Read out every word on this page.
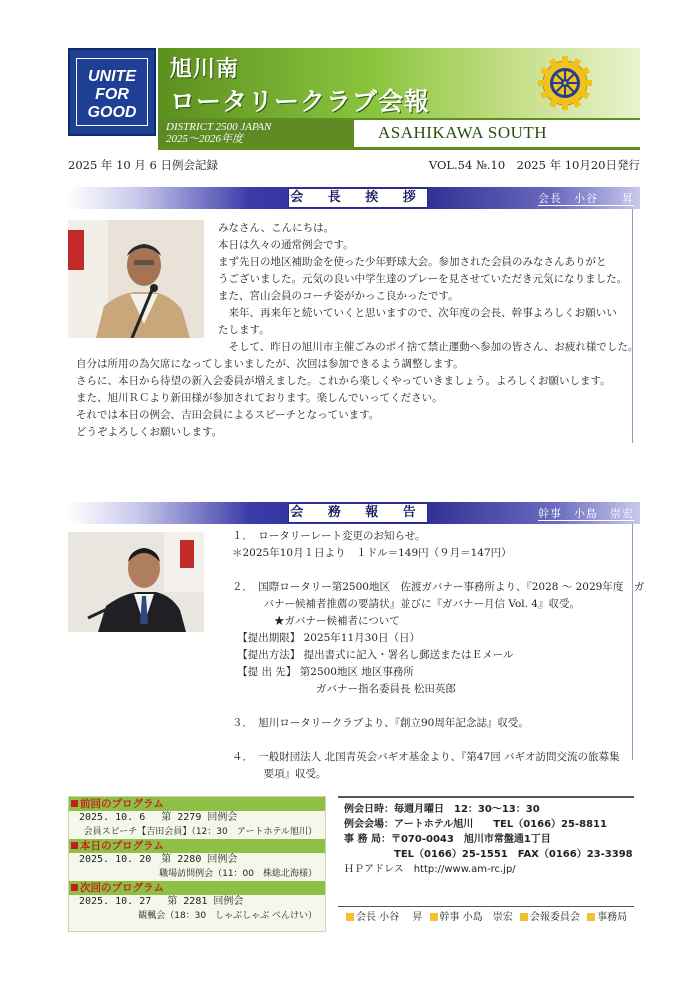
UNITE
FOR
GOOD
旭川南
ロータリークラブ会報
DISTRICT 2500 JAPAN
2025〜2026年度	ASAHIKAWA SOUTH
2025 年 10 月 6 日例会記録	VOL.54 №.10　2025 年 10月20日発行
会 長 挨 拶	会長　小谷　　昇

みなさん、こんにちは。

本日は久々の通常例会です。

まず先日の地区補助金を使った少年野球大会。参加された会員のみなさんありがと

うございました。元気の良い中学生達のプレーを見させていただき元気になりました。

また、宮山会員のコーチ姿がかっこ良かったです。

　来年、再来年と続いていくと思いますので、次年度の会長、幹事よろしくお願いい

たします。

　そして、昨日の旭川市主催ごみのポイ捨て禁止運動へ参加の皆さん、お疲れ様でした。

自分は所用の為欠席になってしまいましたが、次回は参加できるよう調整します。

さらに、本日から待望の新入会委員が増えました。これから楽しくやっていきましょう。よろしくお願いします。

また、旭川ＲＣより新田様が参加されております。楽しんでいってください。

それでは本日の例会、吉田会員によるスピーチとなっています。

どうぞよろしくお願いします。

会 務 報 告	幹事　小島　崇宏
１．　ロータリーレート変更のお知らせ。
＊2025年10月１日より　１ドル＝149円（９月＝147円）
２．　国際ロータリー第2500地区　佐渡ガバナー事務所より、『2028 〜 2029年度　ガ
　　　バナー候補者推薦の要請状』並びに『ガバナー月信 Vol. 4』収受。
　　　　★ガバナー候補者について
　【提出期限】 2025年11月30日（日）
　【提出方法】 提出書式に記入・署名し郵送またはＥメール
　【提 出 先】 第2500地区 地区事務所
　　　　　　　　ガバナー指名委員長 松田英郎
３．　旭川ロータリークラブより、『創立90周年記念誌』収受。
４．　一般財団法人 北国青英会バギオ基金より、『第47回 バギオ訪問交流の旅募集
　　　要項』収受。
前回のプログラム
2025. 10. 6　 第 2279 回例会
会員スピーチ【吉田会員】（12：30　アートホテル旭川）
本日のプログラム
2025. 10. 20　第 2280 回例会
職場訪問例会（11：00　株総北海様）
次回のプログラム
2025. 10. 27　 第 2281 回例会
観楓会（18：30　しゃぶしゃぶ べんけい）
例会日時：毎週月曜日　12：30〜13：30
例会会場：アートホテル旭川　　TEL（0166）25-8811
事 務 局：〒070-0043　旭川市常盤通1丁目
　　　　　TEL（0166）25-1551　FAX（0166）23-3398
ＨＰアドレス　http://www.am-rc.jp/
会長 小谷　 昇 幹事 小島　崇宏 会報委員会 事務局
